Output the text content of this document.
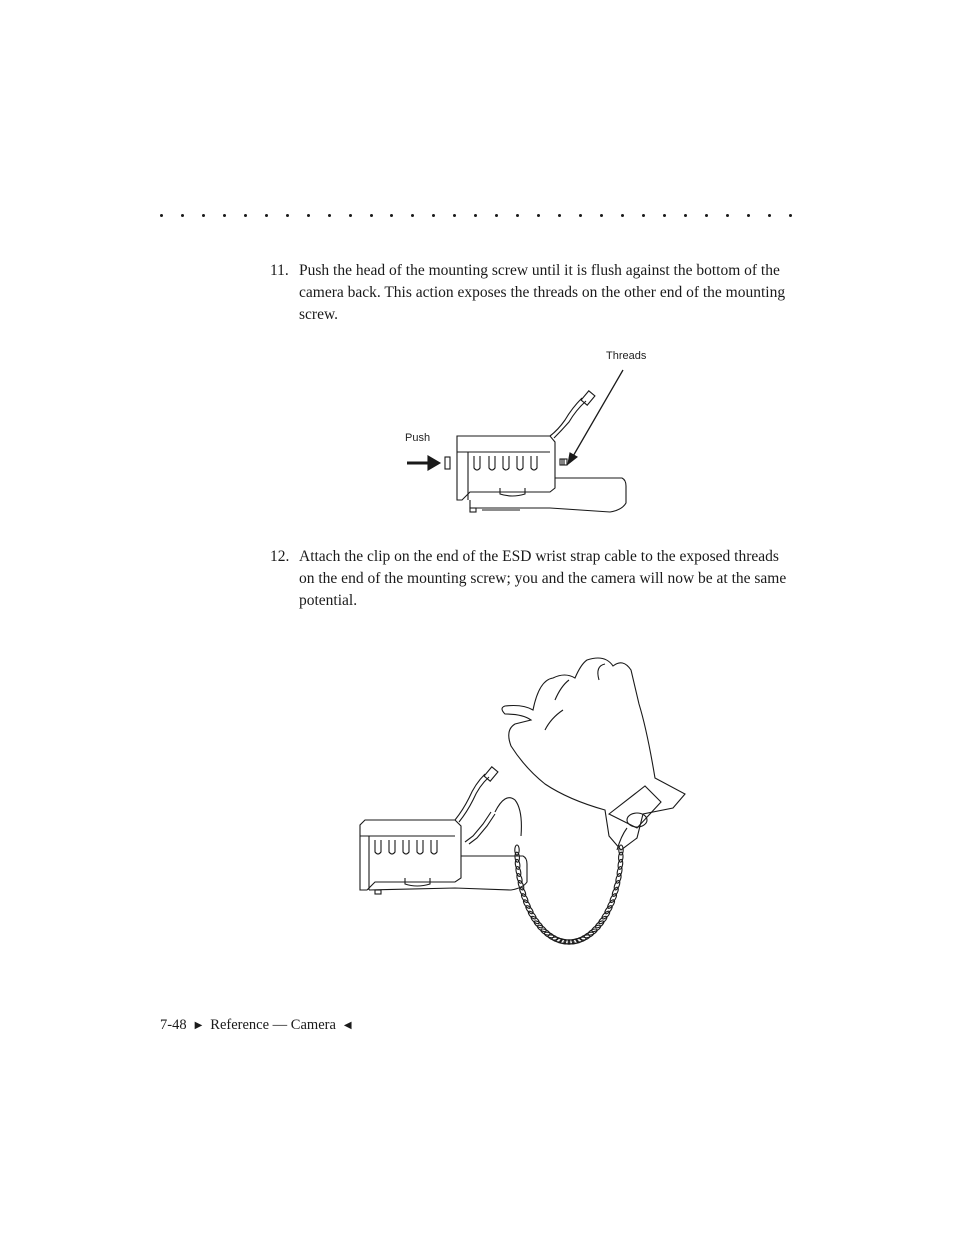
11. Push the head of the mounting screw until it is flush against the bottom of the camera back. This action exposes the threads on the other end of the mounting screw.
Threads
Push
12. Attach the clip on the end of the ESD wrist strap cable to the exposed threads on the end of the mounting screw; you and the camera will now be at the same potential.
7-48 ▶ Reference — Camera ◀
